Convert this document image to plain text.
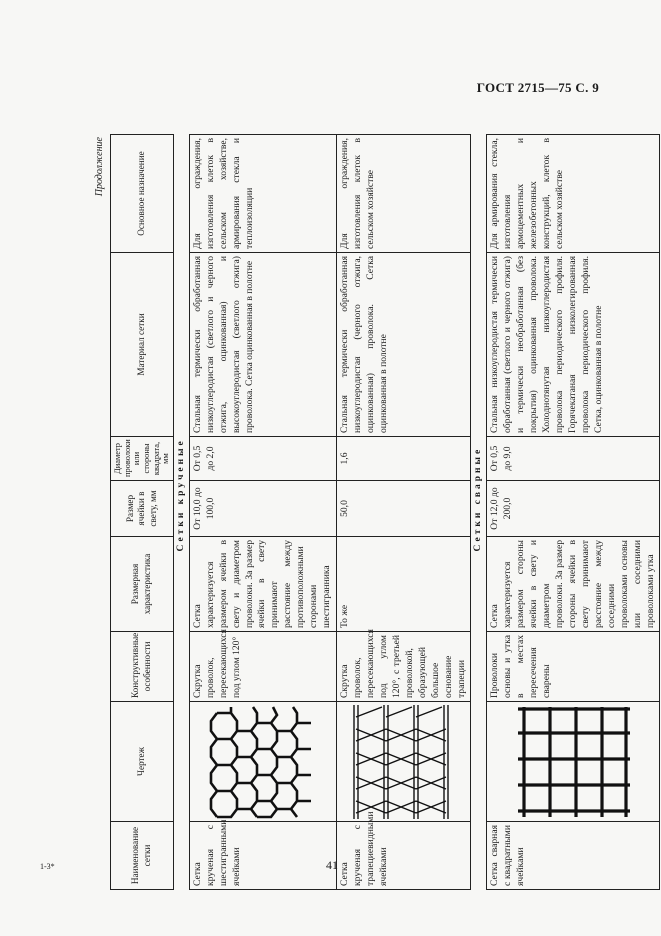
ГОСТ 2715—75 С. 9
1-3*	41
Продолжение
Наименование сетки	Чертеж	Конструктивные особенности	Размерная характеристика	Размер ячейки в свету, мм	Диаметр проволоки или стороны квадрата, мм	Материал сетки	Основное назначение
		Сетки крученые					
Сетка крученая с шестигранными ячейками		Скрутка проволок, пересекающихся под углом 120°	Сетка характеризуется размером ячейки в свету и диаметром проволоки. За размер ячейки в свету принимают расстояние между противоположными сторонами шестигранника	От 10,0 до 100,0	От 0,5 до 2,0	Стальная термически обработанная низкоуглеродистая (светлого и черного отжига, оцинкованная) и высокоуглеродистая (светлого отжига) проволока. Сетка оцинкованная в полотне	Для ограждения, изготовления клеток в сельском хозяйстве, армирования стекла и теплоизоляции
Сетка крученая с трапециевидными ячейками		Скрутка проволок, пересекающихся под углом 120°, с третьей проволокой, образующей большое основание трапеции	То же	50,0	1,6	Стальная термически обработанная низкоуглеродистая (черного отжига, оцинкованная) проволока. Сетка оцинкованная в полотне	Для ограждения, изготовления клеток в сельском хозяйстве
		Сетки сварные					
Сетка сварная с квадратными ячейками		Проволоки основы и утка в местах пересечения сварены	Сетка характеризуется размером стороны ячейки в свету и диаметром проволоки. За размер стороны ячейки в свету принимают расстояние между соседними проволоками основы или соседними проволоками утка	От 12,0 до 200,0	От 0,5 до 9,0	Стальная низкоуглеродистая термически обработанная (светлого и черного отжига) и термически необработанная (без покрытия) оцинкованная проволока. Холоднотянутая низкоуглеродистая проволока периодического профиля. Горячекатаная низколегированная проволока периодического профиля. Сетка, оцинкованная в полотне	Для армирования стекла, изготовления армоцементных и железобетонных конструкций, клеток в сельском хозяйстве
